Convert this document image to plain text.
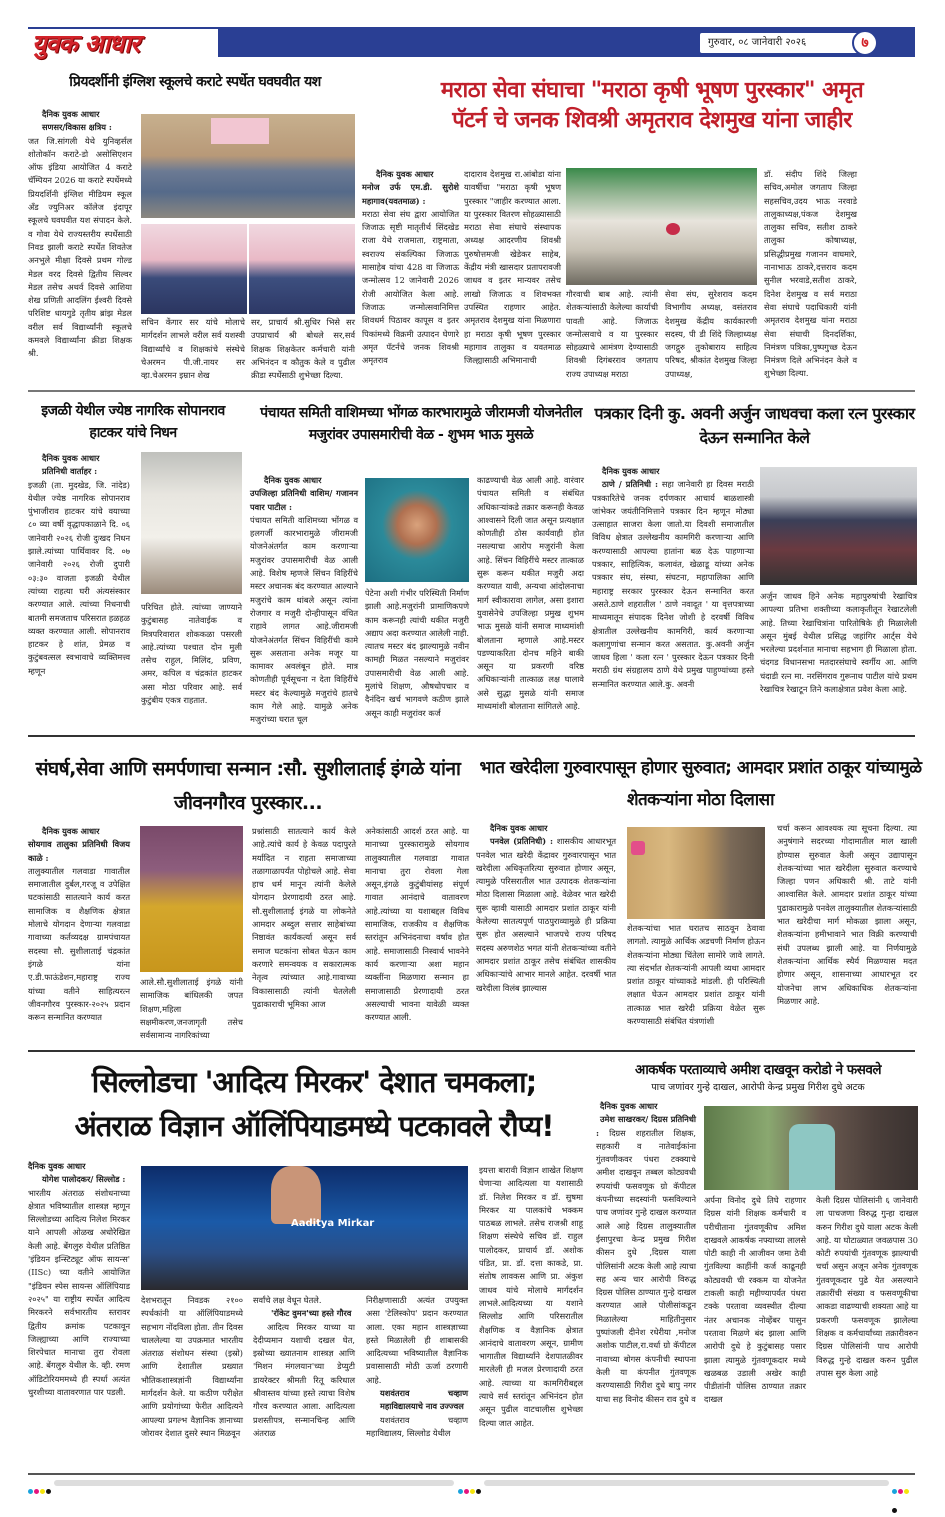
युवक आधार	गुरुवार, ०८ जानेवारी २०२६	७
प्रियदर्शीनी इंग्लिश स्कूलचे कराटे स्पर्धेत घवघवीत यश
दैनिक युवक आधार
सणसर/विकास क्षत्रिय :
जत जि.सांगली येथे युनिव्हर्सल शोतोकॉन कराटे-डो असोसिएशन ऑफ इंडिया आयोजित 4 कराटे चॅम्पियन 2026 या कराटे स्पर्धेमध्ये प्रियदर्शिनी इंग्लिश मीडियम स्कूल अँड ज्युनिअर कॉलेज इंदापूर स्कूलचे घवघवीत यश संपादन केले. व गोवा येथे राज्यस्तरीय स्पर्धेसाठी निवड झाली कराटे स्पर्धेत शिवतेज अनभुले मीक्षा दिवसे प्रथम गोल्ड मेडल वरद दिवसे द्वितीय सिल्वर मेडल तसेच अथर्व दिवसे आशिया शेख प्रणिती आदलिंग ईश्वरी दिवसे परिशिष्ट धायगुडे तृतीय ब्रांझ मेडल वरील सर्व विद्यार्थ्यांनी स्कूलचे कमवले विद्यार्थ्यांना क्रीडा शिक्षक श्री.
सचिन केंगार सर यांचे मोलाचे मार्गदर्शन लाभले वरील सर्व यशस्वी विद्यार्थ्यांचे व शिक्षकांचे संस्थेचे चेअरमन पी.जी.नायर सर व्हा.चेअरमन इम्रान शेख
सर, प्राचार्य श्री.सुधिर भिसे सर उपप्राचार्य श्री बोधले सर,सर्व शिक्षक शिक्षकेतर कर्मचारी यांनी अभिनंदन व कौतुक केले व पुढील क्रीडा स्पर्धेसाठी शुभेच्छा दिल्या.
मराठा सेवा संघाचा "मराठा कृषी भूषण पुरस्कार" अमृत
पॅटर्न चे जनक शिवश्री अमृतराव देशमुख यांना जाहीर
दैनिक युवक आधार
मनोज उर्फ एम.डी. सुरोशे महागाव(यवतमाळ) :
मराठा सेवा संघ द्वारा आयोजित जिजाऊ सृष्टी मातृतीर्थ सिंदखेड राजा येथे राजमाता, राष्ट्रमाता, स्वराज्य संकल्पिका जिजाऊ मासाहेब यांचा 428 वा जिजाऊ जन्मोत्सव 12 जानेवारी 2026 रोजी आयोजित केला आहे. जिजाऊ जन्मोत्सवानिमित्त शिवधर्म पिठावर कापूस व इतर पिकांमध्ये विक्रमी उत्पादन घेणारे अमृत पॅटर्नचे जनक शिवश्री अमृतराव
दादाराव देशमुख रा.आंबोडा यांना यावर्षीचा "मराठा कृषी भूषण पुरस्कार "जाहीर करण्यात आला. या पुरस्कार वितरण सोहळ्यासाठी मराठा सेवा संघाचे संस्थापक अध्यक्ष आदरणीय शिवश्री पुरुषोत्तमजी खेडेकर साहेब, केंद्रीय मंत्री खासदार प्रतापरावजी जाधव व इतर मान्यवर तसेच लाखो जिजाऊ व शिवभक्त उपस्थित राहणार आहेत. अमृतराव देशमुख यांना मिळणारा हा मराठा कृषी भूषण पुरस्कार महागाव तालुका व यवतमाळ जिल्ह्यासाठी अभिमानाची
गौरवाची बाब आहे. त्यांनी शेतकऱ्यांसाठी केलेल्या कार्याची पावती आहे. जिजाऊ जन्मोत्सवाचे व या पुरस्कार सोहळ्याचे आमंत्रण देण्यासाठी शिवश्री दिगंबरराव जगताप राज्य उपाध्यक्ष मराठा
सेवा संघ, सुरेशराव कदम विभागीय अध्यक्ष, वसंतराव देशमुख केंद्रीय कार्यकारणी सदस्य, पी डी शिंदे जिल्हाध्यक्ष जगद्गुरु तुकोबाराय साहित्य परिषद, श्रीकांत देशमुख जिल्हा उपाध्यक्ष,
डॉ. संदीप शिंदे जिल्हा सचिव,अमोल जगताप जिल्हा सहसचिव,उदय भाऊ नरवाडे तालुकाध्यक्ष,पंकज देशमुख तालुका सचिव, सतीश ठाकरे तालुका कोषाध्यक्ष, प्रसिद्धीप्रमुख गजानन वाघमारे, नानाभाऊ ठाकरे,दत्तराव कदम सुनील भरवाडे,सतीश ठाकरे, दिनेश देशमुख व सर्व मराठा सेवा संघाचे पदाधिकारी यांनी अमृतराव देशमुख यांना मराठा सेवा संघाची दिनदर्शिका, निमंत्रण पत्रिका,पुष्पगुच्छ देऊन निमंत्रण दिले अभिनंदन केले व शुभेच्छा दिल्या.
इजळी येथील ज्येष्ठ नागरिक सोपानराव हाटकर यांचे निधन
दैनिक युवक आधार
प्रतिनिधी वार्ताहर :
इजळी (ता. मुदखेड, जि. नांदेड) येथील ज्येष्ठ नागरिक सोपानराव पुंभाजीराव हाटकर यांचे वयाच्या ८० व्या वर्षी वृद्धापकाळाने दि. ०६ जानेवारी २०२६ रोजी दुःखद निधन झाले.त्यांच्या पार्थिवावर दि. ०७ जानेवारी २०२६ रोजी दुपारी ०३:३० वाजता इजळी येथील त्यांच्या राहत्या घरी अंत्यसंस्कार करण्यात आले. त्यांच्या निधनाची बातमी समजताच परिसरात हळहळ व्यक्त करण्यात आली. सोपानराव हाटकर हे शांत, प्रेमळ व कुटुंबवत्सल स्वभावाचे व्यक्तिमत्त्व म्हणून
परिचित होते. त्यांच्या जाण्याने कुटुंबासह नातेवाईक व मित्रपरिवारात शोककळा पसरली आहे.त्यांच्या पश्चात दोन मुली तसेच राहुल, मिलिंद, प्रविण, अमर, कपिल व चंद्रकांत हाटकर असा मोठा परिवार आहे. सर्व कुटुंबीय एकत्र राहतात.
पंचायत समिती वाशिमच्या भोंगळ कारभारामुळे जीरामजी योजनेतील मजुरांवर उपासमारीची वेळ - शुभम भाऊ मुसळे
दैनिक युवक आधार
उपजिल्हा प्रतिनिधी वाशिम/ गजानन पवार पाटील :
पंचायत समिती वाशिमच्या भोंगळ व हलगर्जी कारभारामुळे जीरामजी योजनेअंतर्गत काम करणाऱ्या मजुरांवर उपासमारीची वेळ आली आहे. विशेष म्हणजे सिंचन विहिरींचे मस्टर अचानक बंद करण्यात आल्याने मजुरांचे काम थांबले असून त्यांना रोजगार व मजुरी दोन्हीपासून वंचित राहावे लागत आहे.जीरामजी योजनेअंतर्गत सिंचन विहिरींची कामे सुरू असताना अनेक मजूर या कामावर अवलंबून होते. मात्र कोणतीही पूर्वसूचना न देता विहिरींचे मस्टर बंद केल्यामुळे मजुरांचे हातचे काम गेले आहे. यामुळे अनेक मजुरांच्या घरात चूल
पेटेना अशी गंभीर परिस्थिती निर्माण झाली आहे.मजुरांनी प्रामाणिकपणे काम करूनही त्यांची थकीत मजुरी अद्याप अदा करण्यात आलेली नाही. त्यातच मस्टर बंद झाल्यामुळे नवीन कामही मिळत नसल्याने मजुरांवर उपासमारीची वेळ आली आहे. मुलांचे शिक्षण, औषधोपचार व दैनंदिन खर्च भागवणे कठीण झाले असून काही मजुरांवर कर्ज
काढण्याची वेळ आली आहे. वारंवार पंचायत समिती व संबंधित अधिकाऱ्यांकडे तक्रार करूनही केवळ आश्वासने दिली जात असून प्रत्यक्षात कोणतीही ठोस कार्यवाही होत नसल्याचा आरोप मजुरांनी केला आहे. सिंचन विहिरींचे मस्टर तात्काळ सुरू करून थकीत मजुरी अदा करण्यात यावी, अन्यथा आंदोलनाचा मार्ग स्वीकारावा लागेल, असा इशारा युवासेनेचे उपजिल्हा प्रमुख शुभम भाऊ मुसळे यांनी समाज माध्यमांशी बोलताना म्हणाले आहे.मस्टर पडण्याकरिता दोनच महिने बाकी असून या प्रकरणी वरिष्ठ अधिकाऱ्यांनी तात्काळ लक्ष घालावे असे सुद्धा मुसळे यांनी समाज माध्यमांशी बोलताना सांगितले आहे.
पत्रकार दिनी कु. अवनी अर्जुन जाधवचा कला रत्न पुरस्कार देऊन सन्मानित केले
दैनिक युवक आधार
ठाणे / प्रतिनिधी : सहा जानेवारी हा दिवस मराठी पत्रकारितेचे जनक दर्पणकार आचार्य बाळशास्त्री जांभेकर जयंतीनिमित्ताने पत्रकार दिन म्हणून मोठ्या उत्साहात साजरा केला जातो.या दिवशी समाजातील विविध क्षेत्रात उल्लेखनीय कामगिरी करणाऱ्या आणि करण्यासाठी आपल्या हातांना बळ देऊ पाहणाऱ्या पत्रकार, साहित्यिक, कलावंत, खेळाडू यांच्या अनेक पत्रकार संघ, संस्था, संघटना, महापालिका आणि महाराष्ट्र सरकार पुरस्कार देऊन सन्मानित करत असते.ठाणे शहरातील ' ठाणे नवादूत ' या वृत्तपत्राच्या माध्यमातून संपादक दिनेश जोशी हे दरवर्षी विविध क्षेत्रातील उल्लेखनीय कामगिरी, कार्य करणाऱ्या कलागुणांचा सन्मान करत असतात. कु.अवनी अर्जुन जाधव हिला ' कला रत्न ' पुरस्कार देऊन पत्रकार दिनी मराठी ग्रंथ संग्रहालय ठाणे येथे प्रमुख पाहुण्यांच्या हस्ते सन्मानित करण्यात आले.कु. अवनी
अर्जुन जाधव हिने अनेक महापुरुषांची रेखाचित्र आपल्या प्रतिभा शक्तीच्या कलाकृतीतून रेखाटलेली आहे. तिच्या रेखाचित्रांना पारितोषिके ही मिळालेली असून मुंबई येथील प्रसिद्ध जहांगिर आर्ट्स येथे भरलेल्या प्रदर्शनात मानाचा सहभाग ही मिळाला होता. चंदगड विधानसभा मतदारसंघाचे स्वर्गीय आ. आणि चंदाडी रत्न मा. नरसिंगराव गुरूनाथ पाटील यांचे प्रथम रेखाचित्र रेखाटून तिने कलाक्षेत्रात प्रवेश केला आहे.
संघर्ष,सेवा आणि समर्पणाचा सन्मान :सौ. सुशीलाताई इंगळे यांना जीवनगौरव पुरस्कार...
दैनिक युवक आधार
सोयगाव तालुका प्रतिनिधी विजय काळे :
तालुक्यातील गलवाडा गावातील समाजातील दुर्बल,गरजू व उपेक्षित घटकांसाठी सातत्याने कार्य करत सामाजिक व शैक्षणिक क्षेत्रात मोलाचे योगदान देणाऱ्या गलवाडा गावाच्या कर्तव्यदक्ष ग्रामपंचायत सदस्या सौ. सुशीलाताई चंद्रकांत इंगळे यांना ए.डी.फाऊंडेशन,महाराष्ट्र राज्य यांच्या वतीने साहित्यरत्न जीवनगौरव पुरस्कार-२०२५ प्रदान करून सन्मानित करण्यात
आले.सौ.सुशीलाताई इंगळे यांनी सामाजिक बांधिलकी जपत शिक्षण,महिला सक्षमीकरण,जनजागृती तसेच सर्वसामान्य नागरिकांच्या
प्रश्नांसाठी सातत्याने कार्य केले आहे.त्यांचे कार्य हे केवळ पदापुरते मर्यादित न राहता समाजाच्या तळागाळापर्यंत पोहोचले आहे. सेवा हाच धर्म मानून त्यांनी केलेले योगदान प्रेरणादायी ठरत आहे. सौ.सुशीलाताई इंगळे या लोकनेते आमदार अब्दुल सत्तार साहेबांच्या निष्ठावंत कार्यकर्त्या असून सर्व समाज घटकांना सोबत घेऊन काम करणारे समन्वयक व सकारात्मक नेतृत्व त्यांच्यात आहे.गावाच्या विकासासाठी त्यांनी घेतलेली पुढाकाराची भूमिका आज
अनेकांसाठी आदर्श ठरत आहे. या मानाच्या पुरस्कारामुळे सोयगाव तालुक्यातील गलवाडा गावात मानाचा तुरा रोवला गेला असून,इंगळे कुटुंबीयांसह संपूर्ण गावात आनंदाचे वातावरण आहे.त्यांच्या या यशाबद्दल विविध सामाजिक, राजकीय व शैक्षणिक स्तरांतून अभिनंदनाचा वर्षाव होत आहे. समाजासाठी निस्वार्थ भावनेने कार्य करणाऱ्या अशा महान व्यक्तींना मिळणारा सन्मान हा समाजासाठी प्रेरणादायी ठरत असल्याची भावना यावेळी व्यक्त करण्यात आली.
भात खरेदीला गुरुवारपासून होणार सुरुवात; आमदार प्रशांत ठाकूर यांच्यामुळे शेतकऱ्यांना मोठा दिलासा
दैनिक युवक आधार
पनवेल (प्रतिनिधी) : शासकीय आधारभूत पनवेल भात खरेदी केंद्रावर गुरुवारपासून भात खरेदीला अधिकृतरित्या सुरुवात होणार असून, त्यामुळे परिसरातील भात उत्पादक शेतकऱ्यांना मोठा दिलासा मिळाला आहे. वेळेवर भात खरेदी सुरू व्हावी यासाठी आमदार प्रशांत ठाकूर यांनी केलेल्या सातत्यपूर्ण पाठपुराव्यामुळे ही प्रक्रिया सुरू होत असल्याने भाजपचे राज्य परिषद सदस्य अरुणशेठ भगत यांनी शेतकऱ्यांच्या वतीने आमदार प्रशांत ठाकूर तसेच संबंधित शासकीय अधिकाऱ्यांचे आभार मानले आहेत. दरवर्षी भात खरेदीला विलंब झाल्यास
शेतकऱ्यांचा भात घरातच साठवून ठेवावा लागतो. त्यामुळे आर्थिक अडचणी निर्माण होऊन शेतकऱ्यांना मोठ्या चिंतेला सामोरे जावे लागते. त्या संदर्भात शेतकऱ्यांनी आपली व्यथा आमदार प्रशांत ठाकूर यांच्याकडे मांडली. ही परिस्थिती लक्षात घेऊन आमदार प्रशांत ठाकूर यांनी तात्काळ भात खरेदी प्रक्रिया वेळेत सुरू करण्यासाठी संबंधित यंत्रणांशी
चर्चा करून आवश्यक त्या सूचना दिल्या. त्या अनुषंगाने सदरच्या गोदामातील माल खाली होण्यास सुरुवात केली असून उद्यापासून शेतकऱ्यांच्या भात खरेदीला सुरुवात करण्याचे जिल्हा पणन अधिकारी श्री. ताटे यांनी आश्वासित केले. आमदार प्रशांत ठाकूर यांच्या पुढाकारामुळे पनवेल तालुक्यातील शेतकऱ्यांसाठी भात खरेदीचा मार्ग मोकळा झाला असून, शेतकऱ्यांना हमीभावाने भात विक्री करण्याची संधी उपलब्ध झाली आहे. या निर्णयामुळे शेतकऱ्यांना आर्थिक स्थैर्य मिळण्यास मदत होणार असून, शासनाच्या आधारभूत दर योजनेचा लाभ अधिकाधिक शेतकऱ्यांना मिळणार आहे.
सिल्लोडचा 'आदित्य मिरकर' देशात चमकला;
अंतराळ विज्ञान ऑलिंपियाडमध्ये पटकावले रौप्य!
दैनिक युवक आधार
योगेश पालोदकर/ सिल्लोड :
भारतीय अंतराळ संशोधनाच्या क्षेत्रात भविष्यातील शास्त्रज्ञ म्हणून सिल्लोडच्या आदित्य निलेश मिरकर याने आपली ओळख अधोरेखित केली आहे. बेंगलुरु येथील प्रतिष्ठित 'इंडियन इन्स्टिट्यूट ऑफ सायन्स' (IISc) च्या वतीने आयोजित "इंडियन स्पेस सायन्स ऑलिंपियाड २०२५" या राष्ट्रीय स्पर्धेत आदित्य मिरकरने सर्वभारतीय स्तरावर द्वितीय क्रमांक पटकावून जिल्ह्याच्या आणि राज्याच्या शिरपेचात मानाचा तुरा रोवला आहे. बेंगलुरु येथील के. व्ही. रमण ऑडिटोरियममध्ये ही स्पर्धा अत्यंत चुरशीच्या वातावरणात पार पडली.
Aaditya Mirkar
देशभरातून निवडक २१०० स्पर्धकांनी या ऑलिंपियाडमध्ये सहभाग नोंदविला होता. तीन दिवस चाललेल्या या उपक्रमात भारतीय अंतराळ संशोधन संस्था (इस्रो) आणि देशातील प्रख्यात भौतिकशास्त्रज्ञांनी विद्यार्थ्यांना मार्गदर्शन केले. या कठीण परीक्षेत आणि प्रयोगांच्या फेरीत आदित्यने आपल्या प्रगल्भ वैज्ञानिक ज्ञानाच्या जोरावर देशात दुसरे स्थान मिळवून
सर्वांचे लक्ष वेधून घेतले.
'रॉकेट वुमन'च्या हस्ते गौरव
आदित्य मिरकर याच्या या देदीप्यमान यशाची दखल घेत, इस्रोच्या ख्यातनाम शास्त्रज्ञ आणि 'मिशन मंगलयान'च्या डेप्युटी डायरेक्टर श्रीमती रितू करिधाल श्रीवास्तव यांच्या हस्ते त्याचा विशेष गौरव करण्यात आला. आदित्यला प्रशस्तीपत्र, सन्मानचिन्ह आणि अंतराळ
निरीक्षणासाठी अत्यंत उपयुक्त असा 'टेलिस्कोप' प्रदान करण्यात आला. एका महान शास्त्रज्ञाच्या हस्ते मिळालेली ही शाबासकी आदित्यच्या भविष्यातील वैज्ञानिक प्रवासासाठी मोठी ऊर्जा ठरणारी आहे.
यशवंतराव चव्हाण महाविद्यालयाचे नाव उज्ज्वल
यशवंतराव चव्हाण महाविद्यालय, सिल्लोड येथील
इयत्ता बारावी विज्ञान शाखेत शिक्षण घेणाऱ्या आदित्यला या यशासाठी डॉ. निलेश मिरकर व डॉ. सुषमा मिरकर या पालकांचे भक्कम पाठबळ लाभले. तसेच राजश्री शाहू शिक्षण संस्थेचे सचिव डॉ. राहुल पालोदकर, प्राचार्य डॉ. अशोक पंडित, प्रा. डॉ. दत्ता काकडे, प्रा. संतोष लावकस आणि प्रा. अंकुश जाधव यांचे मोलाचे मार्गदर्शन लाभले.आदित्यच्या या यशाने सिल्लोड आणि परिसरातील शैक्षणिक व वैज्ञानिक क्षेत्रात आनंदाचे वातावरण असून, ग्रामीण भागातील विद्यार्थ्यांने देशपातळीवर मारलेली ही मजल प्रेरणादायी ठरत आहे. त्याच्या या कामगिरीबद्दल त्याचे सर्व स्तरांतून अभिनंदन होत असून पुढील वाटचालीस शुभेच्छा दिल्या जात आहेत.
आकर्षक परताव्याचे अमीश दाखवून करोडो ने फसवले
पाच जणांवर गुन्हे दाखल, आरोपी केन्द्र प्रमुख गिरीश दुधे अटक
दैनिक युवक आधार
उमेश साखरकर/ दिग्रस प्रतिनिधी : दिग्रस शहरातील शिक्षक, सहकारी व नातेवाईकांना गुंतवणीकवर पंधरा टक्क्याचे अमीश दाखवून तब्बल कोट्यवधी रुपयांची फसवणूक ग्रो कॅपीटल कंपनीच्या सदस्यांनी फसविल्याने पाच जणांवर गुन्हे दाखल करण्यात आले आहे दिग्रस तालुक्यातील ईसापुरचा केन्द्र प्रमुख गिरीश कीसन दुधे ,दिग्रस याला पोलिसांनी अटक केली आहे त्याचा सह अन्य चार आरोपी विरुद्ध दिग्रस पोलिस ठाण्यात गुन्हे दाखल करण्यात आले पोलीसांकडून मिळालेल्या माहितीनुसार पुष्पांजली दीनेश रधेरीया ,मनोज अशोक पाटील,रा.वर्धा ग्रो कॅपीटल नावाच्या बोगस कंपनीची स्थापना केली या कंपनीत गुंतवणूक करण्यासाठी गिरीश दुधे बापु नगर याचा सह विनोद कीसन राव दुधे व
अर्पना विनोद दुधे तिघे राहणार दिग्रस यांनी शिक्षक कर्मचारी व परीचीताना गुंतवणूकीच अमिश दाखवले आकर्षक नफ्याच्या लालसे पोटी काही नी आजीवन जमा ठेवी गुंतविल्या काहींनी कर्ज काढूनही कोट्यवधी ची रक्कम या योजनेत टाकली काही महीण्यापर्यत पंधरा टक्के परतावा व्यवस्थीत दील्या नंतर अचानक नोव्हेंबर पासुन परतावा मिळणे बंद झाला आणि आरोपी दुधे हे कुटुंबासह पसार झाला त्यामुळे गुंतवणूकदार मध्ये खळबळ उडाली अखेर काही पीडीतांनी पोलिस ठाण्यात तक्रार दाखल
केली दिग्रस पोलिसांनी ६ जानेवारी ला पाचजणा विरुद्ध गुन्हा दाखल करुन गिरीश दुधे याला अटक केली आहे. या घोटाळ्यात जवळपास 30 कोटी रुपयांची गुंतवणूक झाल्याची चर्चा असुन अजून अनेक गुंतवणूक गुंतवणूकदार पुढे येत असल्याने तक्रारींची संख्या व फसवणूकीचा आकडा वाढण्याची शक्यता आहे या प्रकरणी फसवणूक झालेल्या शिक्षक व कर्मचार्यांच्या तक्रारीवरुन दिग्रस पोलिसांनी पाच आरोपी विरुद्ध गुन्हे दाखल करुन पुढील तपास सुरु केला आहे
